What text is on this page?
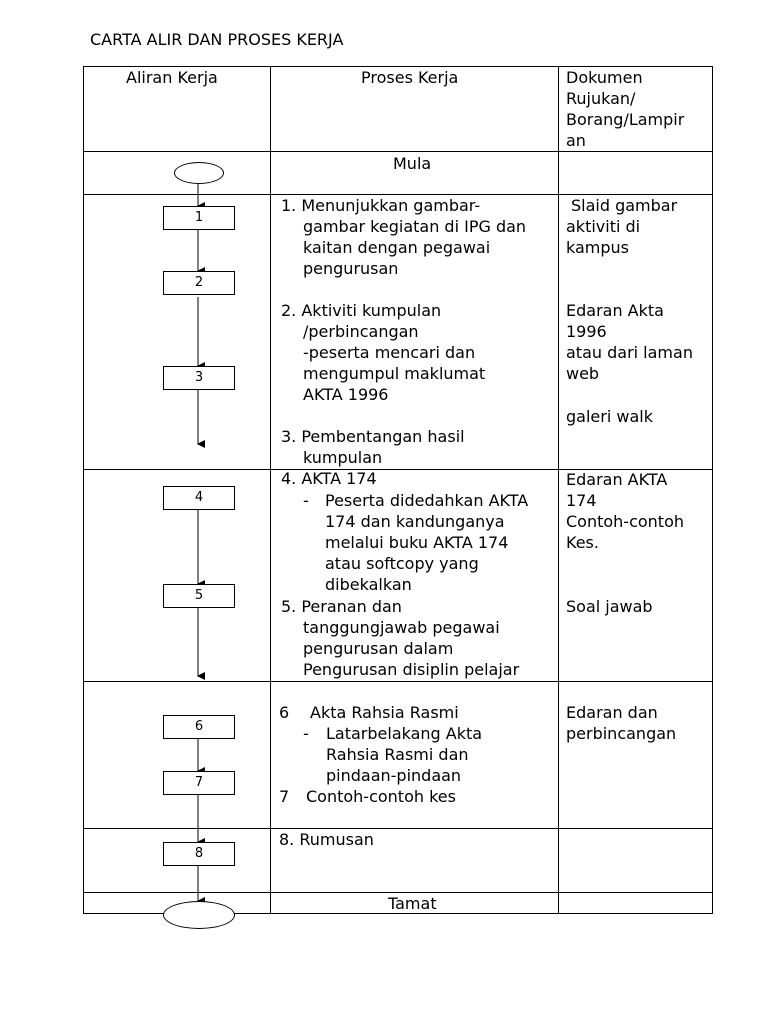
CARTA ALIR DAN PROSES KERJA
Aliran Kerja	Proses Kerja	Dokumen
Rujukan/
Borang/Lampir
an
Mula
Tamat
1
2
3
4
5
6
7
8
1. Menunjukkan gambar-
gambar kegiatan di IPG dan
kaitan dengan pegawai
pengurusan
2. Aktiviti kumpulan
/perbincangan
-peserta mencari dan
mengumpul maklumat
AKTA 1996
3. Pembentangan hasil
kumpulan
4. AKTA 174
- Peserta didedahkan AKTA
174 dan kandunganya
melalui buku AKTA 174
atau softcopy yang
dibekalkan
5. Peranan dan
tanggungjawab pegawai
pengurusan dalam
Pengurusan disiplin pelajar
6 Akta Rahsia Rasmi
- Latarbelakang Akta
Rahsia Rasmi dan
pindaan-pindaan
7 Contoh-contoh kes
8. Rumusan
Slaid gambar
aktiviti di
kampus
Edaran Akta
1996
atau dari laman
web
galeri walk
Edaran AKTA
174
Contoh-contoh
Kes.
Soal jawab
Edaran dan
perbincangan
